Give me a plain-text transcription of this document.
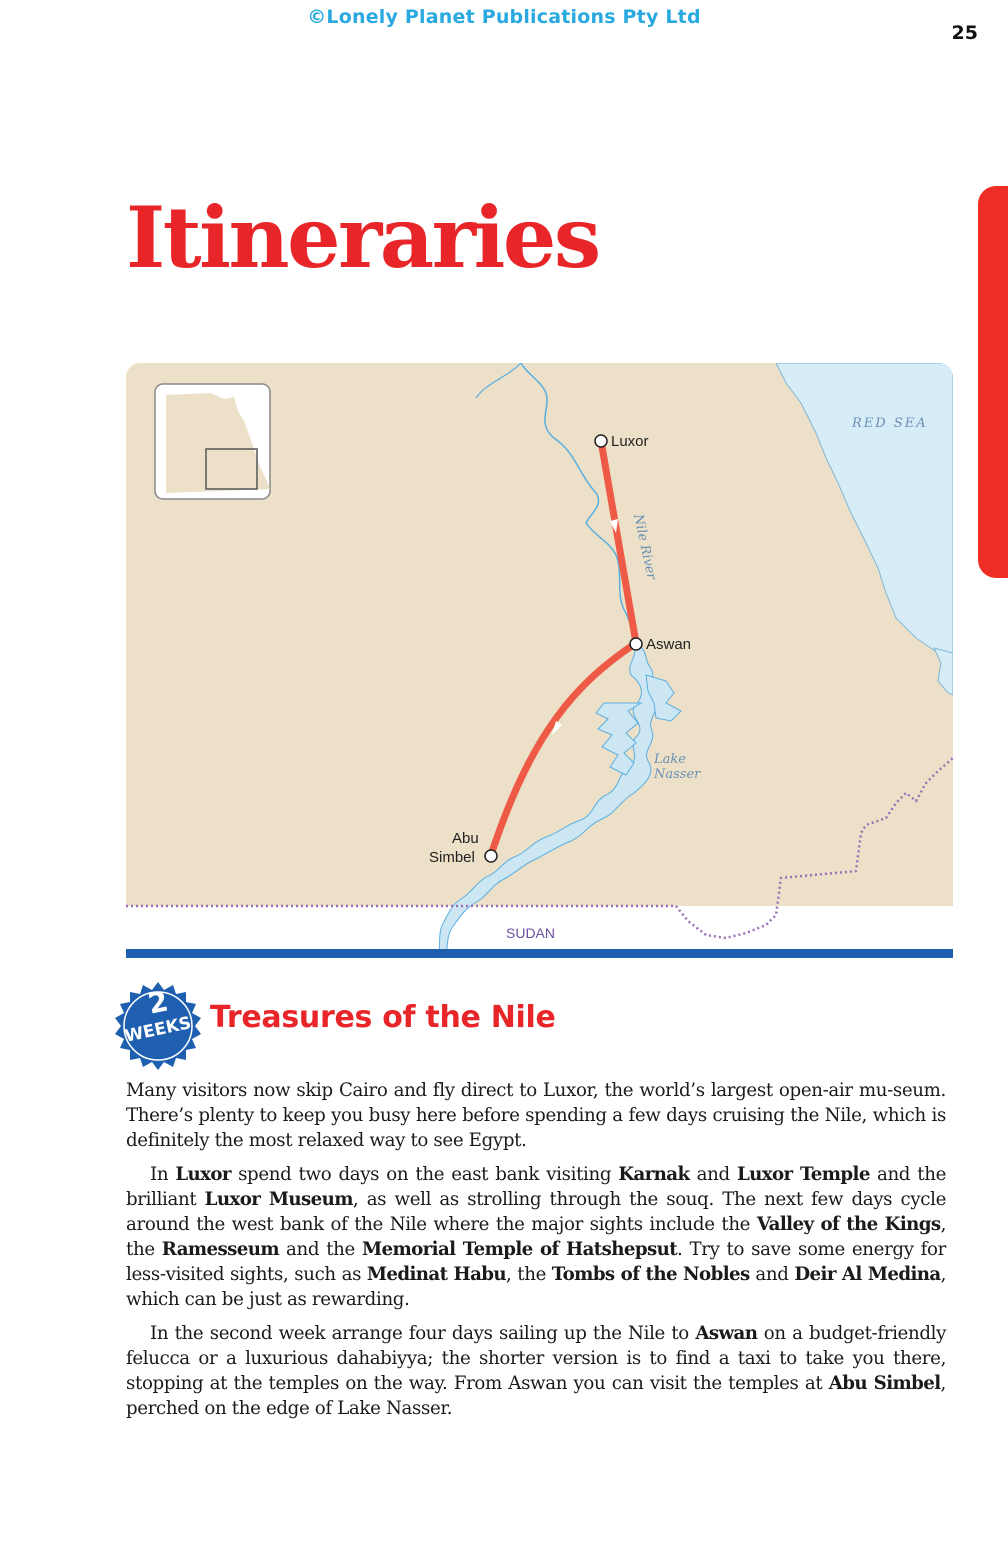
©Lonely Planet Publications Pty Ltd
25
Itineraries
Luxor
Aswan
Abu
Simbel
RED SEA
Nile River
Lake
Nasser
SUDAN
2
WEEKS Treasures of the Nile

Many visitors now skip Cairo and fly direct to Luxor, the world’s largest open-air mu-seum. There’s plenty to keep you busy here before spending a few days cruising the Nile, which is definitely the most relaxed way to see Egypt.

In Luxor spend two days on the east bank visiting Karnak and Luxor Temple and the brilliant Luxor Museum, as well as strolling through the souq. The next few days cycle around the west bank of the Nile where the major sights include the Valley of the Kings, the Ramesseum and the Memorial Temple of Hatshepsut. Try to save some energy for less-visited sights, such as Medinat Habu, the Tombs of the Nobles and Deir Al Medina, which can be just as rewarding.

In the second week arrange four days sailing up the Nile to Aswan on a budget-friendly felucca or a luxurious dahabiyya; the shorter version is to find a taxi to take you there, stopping at the temples on the way. From Aswan you can visit the temples at Abu Simbel, perched on the edge of Lake Nasser.
